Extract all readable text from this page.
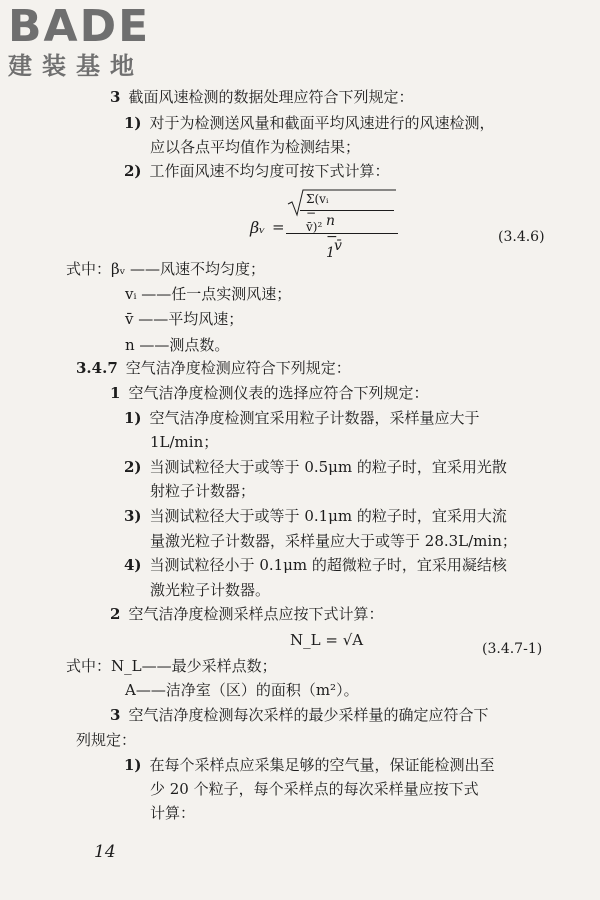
BADE
建装基地
βᵥ =
Σ(vᵢ − v̄)² n − 1 v̄
(3.4.6)
(3.4.7-1)
14
3 截面风速检测的数据处理应符合下列规定：
1) 对于为检测送风量和截面平均风速进行的风速检测，
应以各点平均值作为检测结果；
2) 工作面风速不均匀度可按下式计算：
式中：βᵥ ——风速不均匀度；
vᵢ ——任一点实测风速；
v̄ ——平均风速；
n ——测点数。
3.4.7 空气洁净度检测应符合下列规定：
1 空气洁净度检测仪表的选择应符合下列规定：
1) 空气洁净度检测宜采用粒子计数器，采样量应大于
1L/min；
2) 当测试粒径大于或等于 0.5μm 的粒子时，宜采用光散
射粒子计数器；
3) 当测试粒径大于或等于 0.1μm 的粒子时，宜采用大流
量激光粒子计数器，采样量应大于或等于 28.3L/min；
4) 当测试粒径小于 0.1μm 的超微粒子时，宜采用凝结核
激光粒子计数器。
2 空气洁净度检测采样点应按下式计算：
N_L = √A
式中：N_L——最少采样点数；
A——洁净室（区）的面积（m²）。
3 空气洁净度检测每次采样的最少采样量的确定应符合下
列规定：
1) 在每个采样点应采集足够的空气量，保证能检测出至
少 20 个粒子，每个采样点的每次采样量应按下式
计算：
